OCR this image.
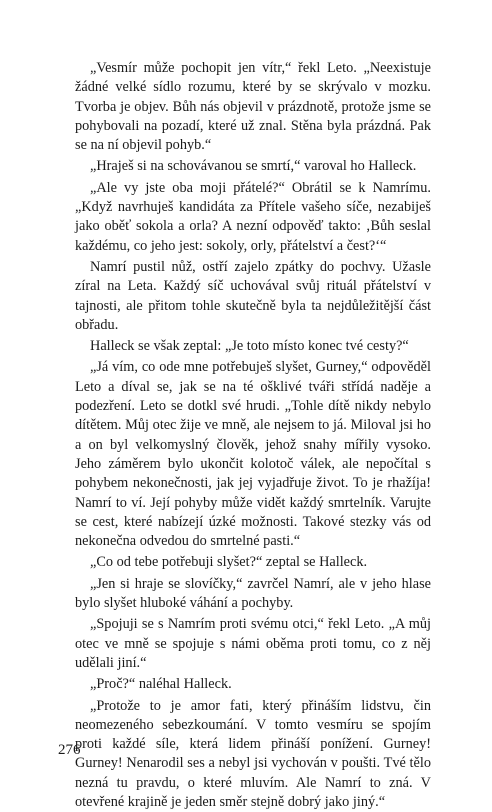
„Vesmír může pochopit jen vítr,“ řekl Leto. „Neexistuje žádné velké sídlo rozumu, které by se skrývalo v mozku. Tvorba je objev. Bůh nás objevil v prázdnotě, protože jsme se pohybovali na pozadí, které už znal. Stěna byla prázdná. Pak se na ní objevil pohyb.“

„Hraješ si na schovávanou se smrtí,“ varoval ho Halleck.

„Ale vy jste oba moji přátelé?“ Obrátil se k Namrímu. „Když navrhuješ kandidáta za Přítele vašeho síče, nezabiješ jako oběť sokola a orla? A nezní odpověď takto: ‚Bůh seslal každému, co jeho jest: sokoly, orly, přátelství a čest?‘“

Namrí pustil nůž, ostří zajelo zpátky do pochvy. Užasle zíral na Leta. Každý síč uchovával svůj rituál přátelství v tajnosti, ale přitom tohle skutečně byla ta nejdůležitější část obřadu.

Halleck se však zeptal: „Je toto místo konec tvé cesty?“

„Já vím, co ode mne potřebuješ slyšet, Gurney,“ odpověděl Leto a díval se, jak se na té ošklivé tváři střídá naděje a podezření. Leto se dotkl své hrudi. „Tohle dítě nikdy nebylo dítětem. Můj otec žije ve mně, ale nejsem to já. Miloval jsi ho a on byl velkomyslný člověk, jehož snahy mířily vysoko. Jeho záměrem bylo ukončit kolotoč válek, ale nepočítal s pohybem nekonečnosti, jak jej vyjadřuje život. To je rhažíja! Namrí to ví. Její pohyby může vidět každý smrtelník. Varujte se cest, které nabízejí úzké možnosti. Takové stezky vás od nekonečna odvedou do smrtelné pasti.“

„Co od tebe potřebuji slyšet?“ zeptal se Halleck.

„Jen si hraje se slovíčky,“ zavrčel Namrí, ale v jeho hlase bylo slyšet hluboké váhání a pochyby.

„Spojuji se s Namrím proti svému otci,“ řekl Leto. „A můj otec ve mně se spojuje s námi oběma proti tomu, co z něj udělali jiní.“

„Proč?“ naléhal Halleck.

„Protože to je amor fati, který přináším lidstvu, čin neomezeného sebezkoumání. V tomto vesmíru se spojím proti každé síle, která lidem přináší ponížení. Gurney! Gurney! Nenarodil ses a nebyl jsi vychován v poušti. Tvé tělo nezná tu pravdu, o které mluvím. Ale Namrí to zná. V otevřené krajině je jeden směr stejně dobrý jako jiný.“

276
